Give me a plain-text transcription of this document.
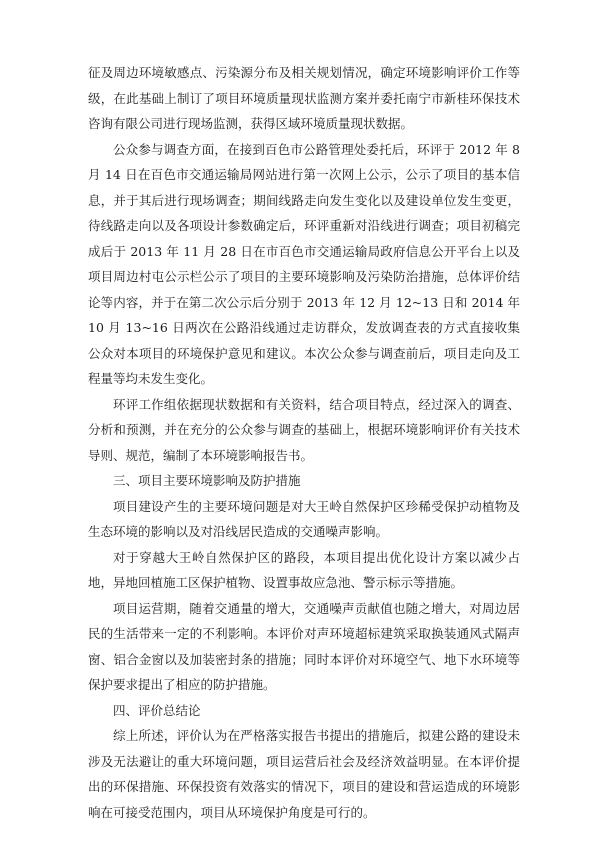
征及周边环境敏感点、污染源分布及相关规划情况，确定环境影响评价工作等级，在此基础上制订了项目环境质量现状监测方案并委托南宁市新桂环保技术咨询有限公司进行现场监测，获得区域环境质量现状数据。

公众参与调查方面，在接到百色市公路管理处委托后，环评于 2012 年 8 月 14 日在百色市交通运输局网站进行第一次网上公示，公示了项目的基本信息，并于其后进行现场调查；期间线路走向发生变化以及建设单位发生变更，待线路走向以及各项设计参数确定后，环评重新对沿线进行调查；项目初稿完成后于 2013 年 11 月 28 日在市百色市交通运输局政府信息公开平台上以及项目周边村屯公示栏公示了项目的主要环境影响及污染防治措施，总体评价结论等内容，并于在第二次公示后分别于 2013 年 12 月 12~13 日和 2014 年 10 月 13~16 日两次在公路沿线通过走访群众，发放调查表的方式直接收集公众对本项目的环境保护意见和建议。本次公众参与调查前后，项目走向及工程量等均未发生变化。

环评工作组依据现状数据和有关资料，结合项目特点，经过深入的调查、分析和预测，并在充分的公众参与调查的基础上，根据环境影响评价有关技术导则、规范，编制了本环境影响报告书。

三、项目主要环境影响及防护措施

项目建设产生的主要环境问题是对大王岭自然保护区珍稀受保护动植物及生态环境的影响以及对沿线居民造成的交通噪声影响。

对于穿越大王岭自然保护区的路段，本项目提出优化设计方案以减少占地，异地回植施工区保护植物、设置事故应急池、警示标示等措施。

项目运营期，随着交通量的增大，交通噪声贡献值也随之增大，对周边居民的生活带来一定的不利影响。本评价对声环境超标建筑采取换装通风式隔声窗、铝合金窗以及加装密封条的措施；同时本评价对环境空气、地下水环境等保护要求提出了相应的防护措施。

四、评价总结论

综上所述，评价认为在严格落实报告书提出的措施后，拟建公路的建设未涉及无法避让的重大环境问题，项目运营后社会及经济效益明显。在本评价提出的环保措施、环保投资有效落实的情况下，项目的建设和营运造成的环境影响在可接受范围内，项目从环境保护角度是可行的。
